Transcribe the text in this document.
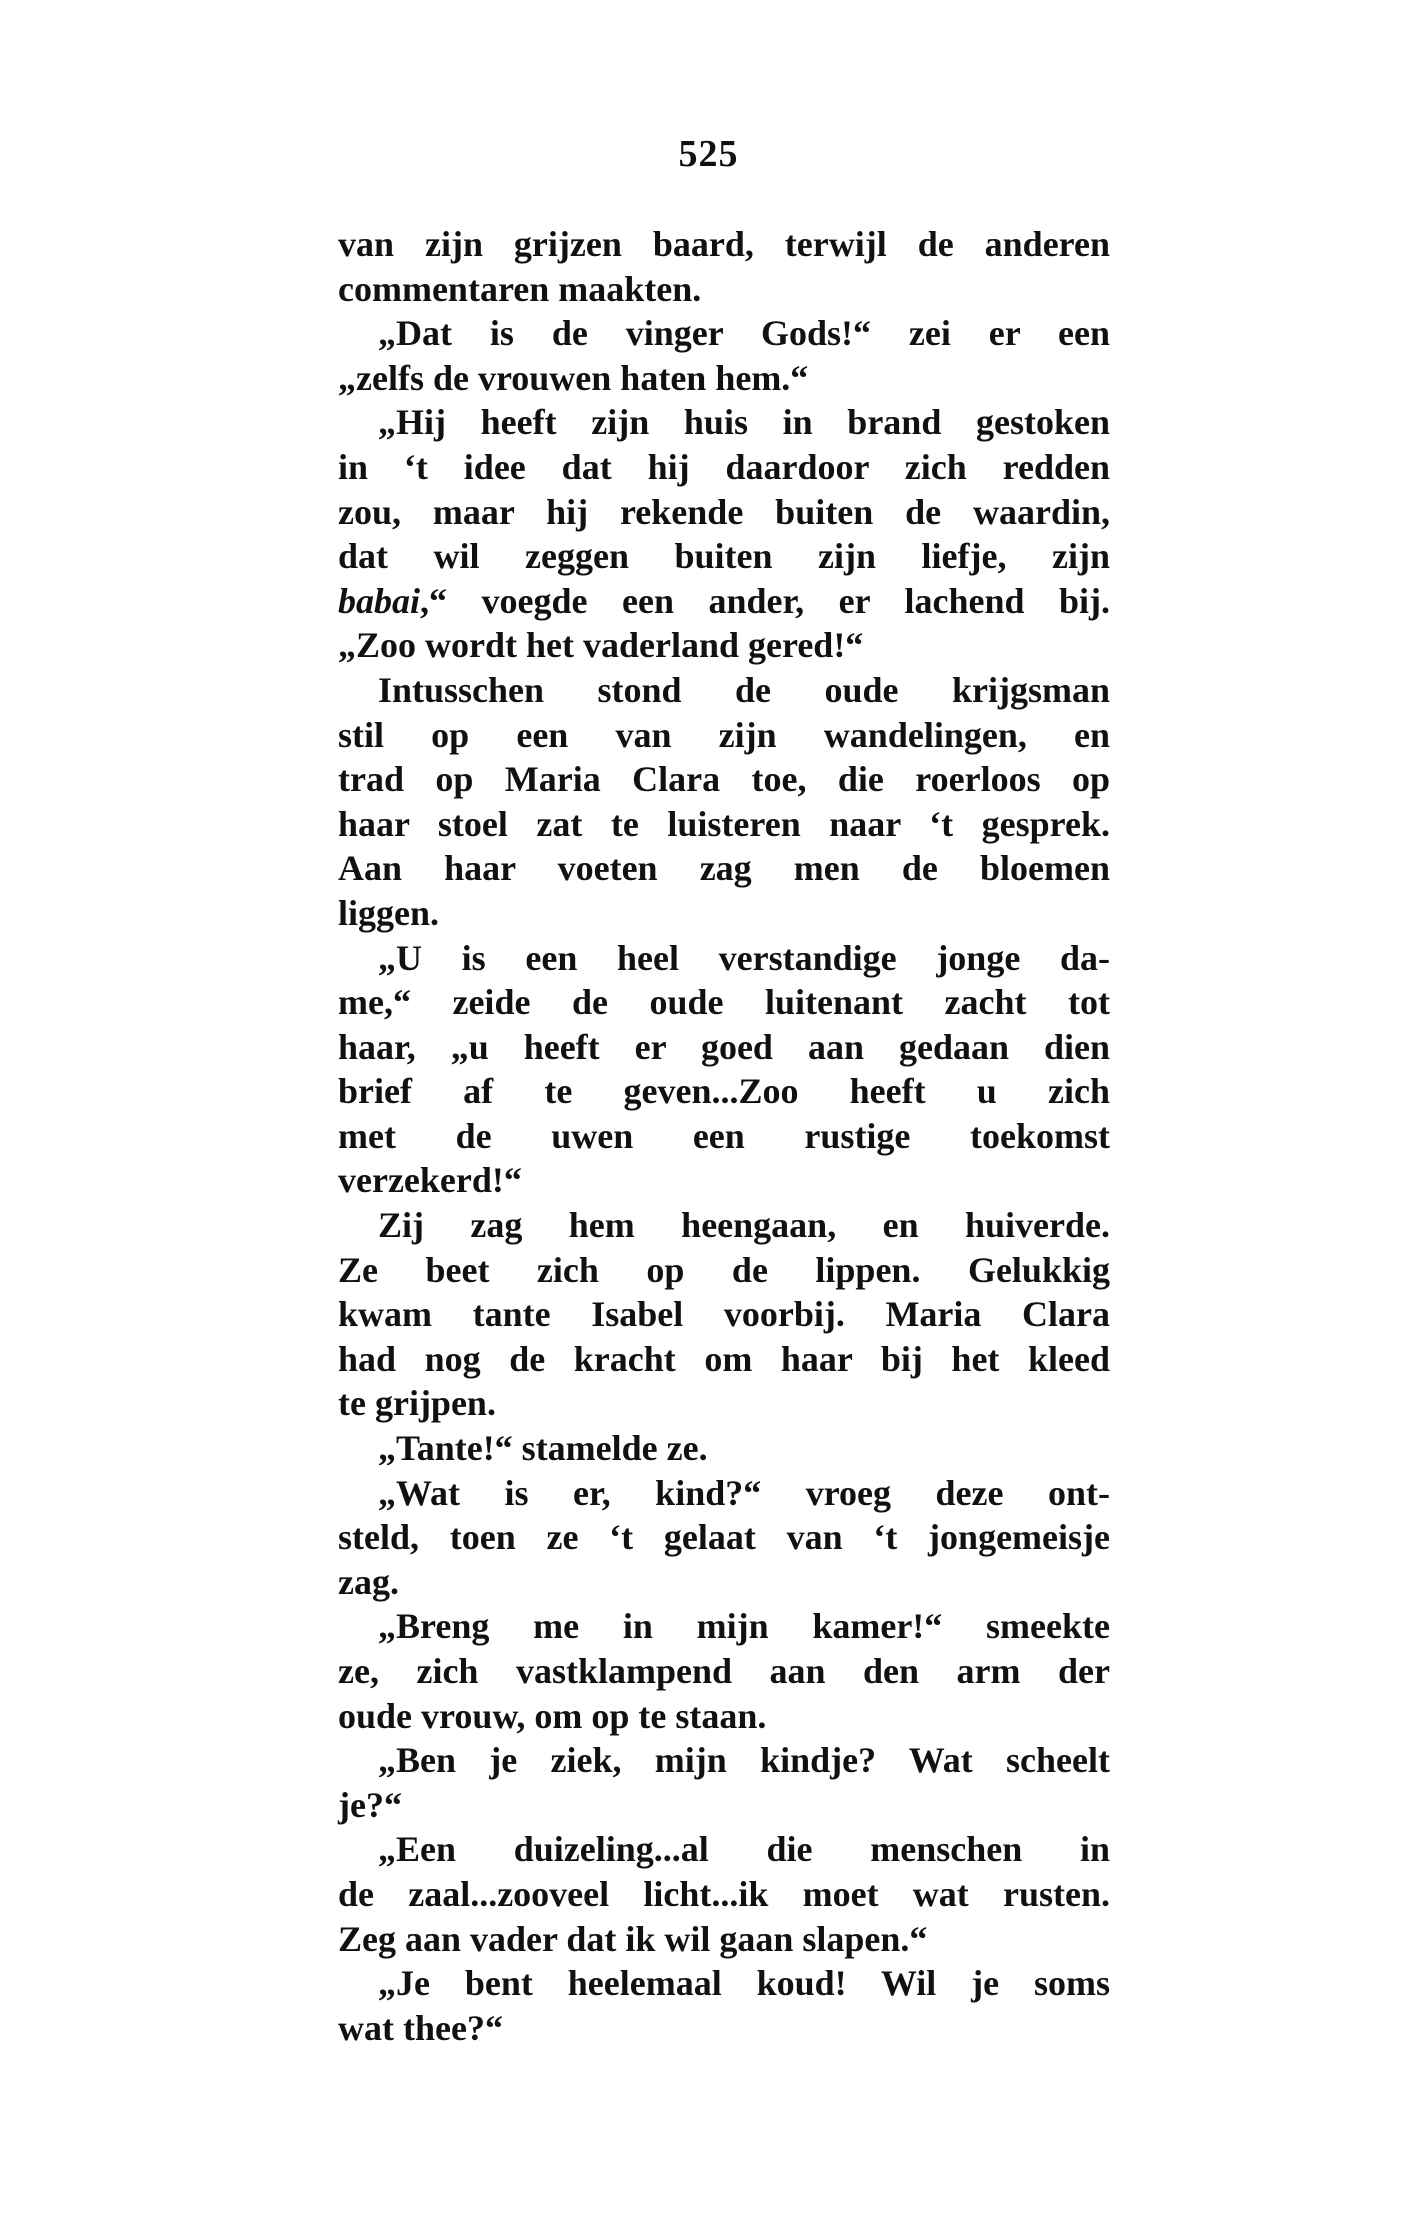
525
van zijn grijzen baard, terwijl de anderen
commentaren maakten.
„Dat is de vinger Gods!“ zei er een
„zelfs de vrouwen haten hem.“
„Hij heeft zijn huis in brand gestoken
in ‘t idee dat hij daardoor zich redden
zou, maar hij rekende buiten de waardin,
dat wil zeggen buiten zijn liefje, zijn
babai,“ voegde een ander, er lachend bij.
„Zoo wordt het vaderland gered!“
Intusschen stond de oude krijgsman
stil op een van zijn wandelingen, en
trad op Maria Clara toe, die roerloos op
haar stoel zat te luisteren naar ‘t gesprek.
Aan haar voeten zag men de bloemen
liggen.
„U is een heel verstandige jonge da-
me,“ zeide de oude luitenant zacht tot
haar, „u heeft er goed aan gedaan dien
brief af te geven...Zoo heeft u zich
met de uwen een rustige toekomst
verzekerd!“
Zij zag hem heengaan, en huiverde.
Ze beet zich op de lippen. Gelukkig
kwam tante Isabel voorbij. Maria Clara
had nog de kracht om haar bij het kleed
te grijpen.
„Tante!“ stamelde ze.
„Wat is er, kind?“ vroeg deze ont-
steld, toen ze ‘t gelaat van ‘t jongemeisje
zag.
„Breng me in mijn kamer!“ smeekte
ze, zich vastklampend aan den arm der
oude vrouw, om op te staan.
„Ben je ziek, mijn kindje? Wat scheelt
je?“
„Een duizeling...al die menschen in
de zaal...zooveel licht...ik moet wat rusten.
Zeg aan vader dat ik wil gaan slapen.“
„Je bent heelemaal koud! Wil je soms
wat thee?“
